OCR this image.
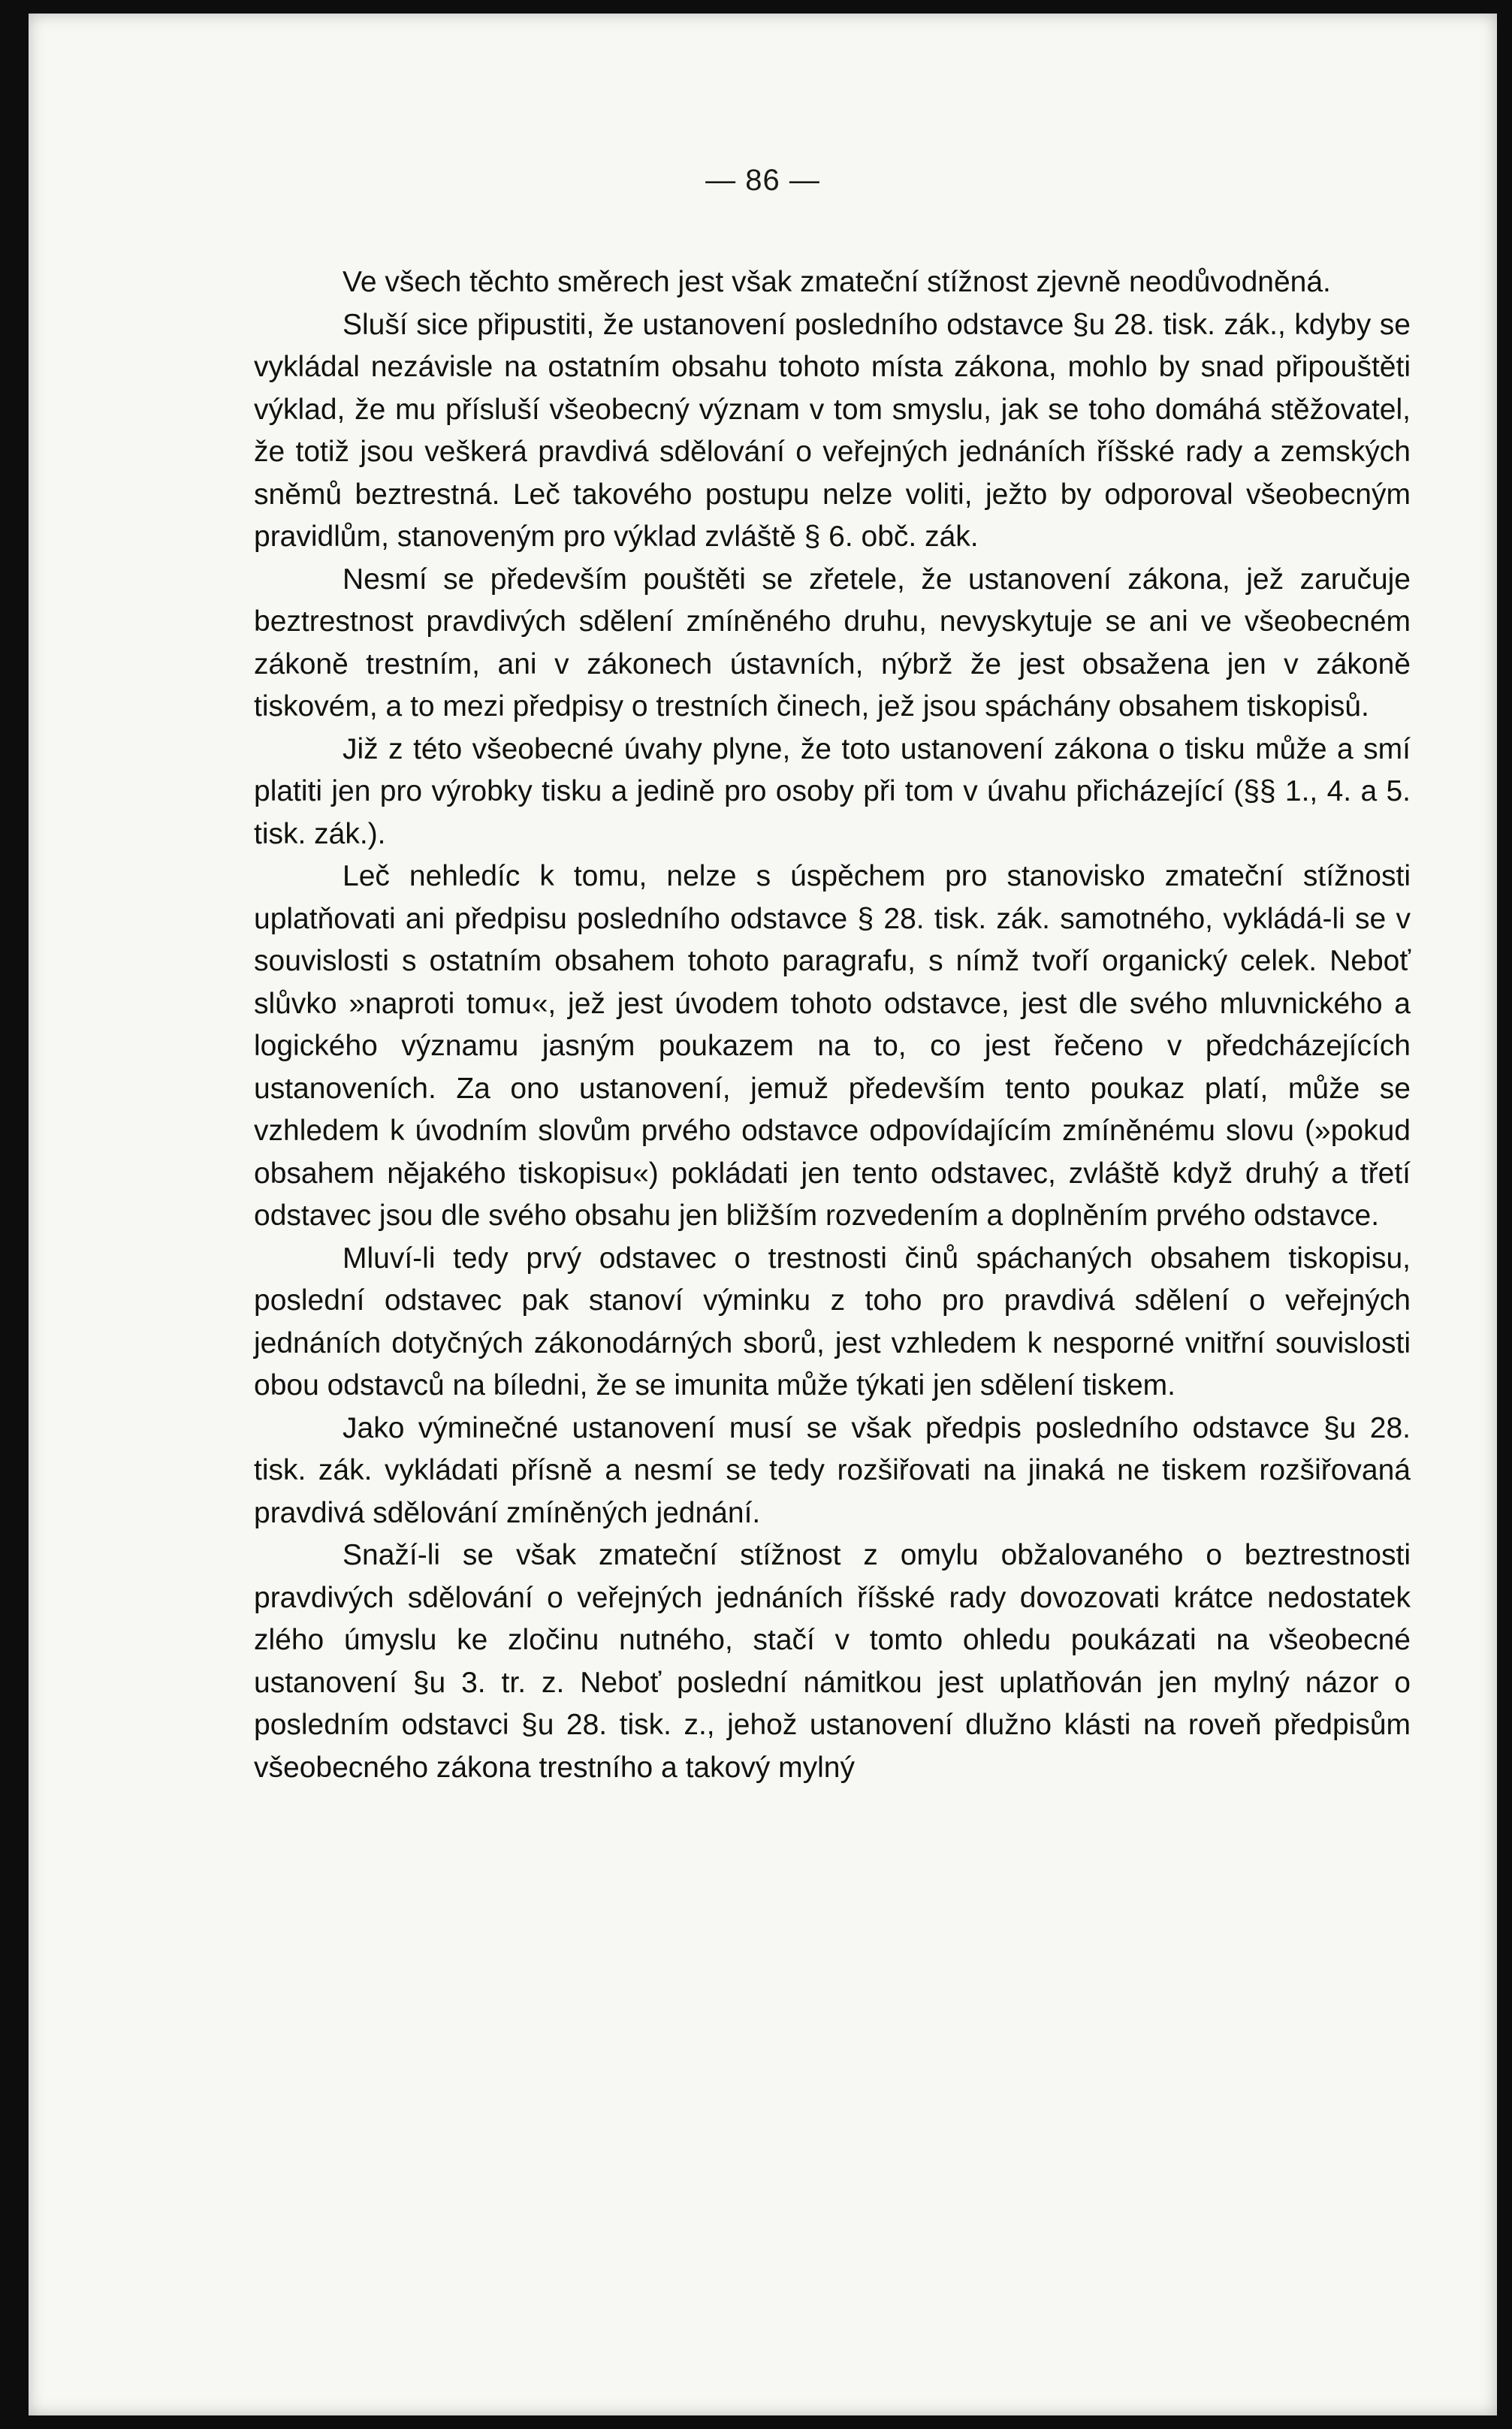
— 86 —

Ve všech těchto směrech jest však zmateční stížnost zjevně neodůvodněná.

Sluší sice připustiti, že ustanovení posledního odstavce §u 28. tisk. zák., kdyby se vykládal nezávisle na ostatním obsahu tohoto místa zákona, mohlo by snad připouštěti výklad, že mu přísluší všeobecný význam v tom smyslu, jak se toho domáhá stěžovatel, že totiž jsou veškerá pravdivá sdělování o veřejných jednáních říšské rady a zemských sněmů beztrestná. Leč takového postupu nelze voliti, ježto by odporoval všeobecným pravidlům, stanoveným pro výklad zvláště § 6. obč. zák.

Nesmí se především pouštěti se zřetele, že ustanovení zákona, jež zaručuje beztrestnost pravdivých sdělení zmíněného druhu, nevyskytuje se ani ve všeobecném zákoně trestním, ani v zákonech ústavních, nýbrž že jest obsažena jen v zákoně tiskovém, a to mezi předpisy o trestních činech, jež jsou spáchány obsahem tiskopisů.

Již z této všeobecné úvahy plyne, že toto ustanovení zákona o tisku může a smí platiti jen pro výrobky tisku a jedině pro osoby při tom v úvahu přicházející (§§ 1., 4. a 5. tisk. zák.).

Leč nehledíc k tomu, nelze s úspěchem pro stanovisko zmateční stížnosti uplatňovati ani předpisu posledního odstavce § 28. tisk. zák. samotného, vykládá-li se v souvislosti s ostatním obsahem tohoto paragrafu, s nímž tvoří organický celek. Neboť slůvko »naproti tomu«, jež jest úvodem tohoto odstavce, jest dle svého mluvnického a logického významu jasným poukazem na to, co jest řečeno v předcházejících ustanoveních. Za ono ustanovení, jemuž především tento poukaz platí, může se vzhledem k úvodním slovům prvého odstavce odpovídajícím zmíněnému slovu (»pokud obsahem nějakého tiskopisu«) pokládati jen tento odstavec, zvláště když druhý a třetí odstavec jsou dle svého obsahu jen bližším rozvedením a doplněním prvého odstavce.

Mluví-li tedy prvý odstavec o trestnosti činů spáchaných obsahem tiskopisu, poslední odstavec pak stanoví výminku z toho pro pravdivá sdělení o veřejných jednáních dotyčných zákonodárných sborů, jest vzhledem k nesporné vnitřní souvislosti obou odstavců na bíledni, že se imunita může týkati jen sdělení tiskem.

Jako výminečné ustanovení musí se však předpis posledního odstavce §u 28. tisk. zák. vykládati přísně a nesmí se tedy rozšiřovati na jinaká ne tiskem rozšiřovaná pravdivá sdělování zmíněných jednání.

Snaží-li se však zmateční stížnost z omylu obžalovaného o beztrestnosti pravdivých sdělování o veřejných jednáních říšské rady dovozovati krátce nedostatek zlého úmyslu ke zločinu nutného, stačí v tomto ohledu poukázati na všeobecné ustanovení §u 3. tr. z. Neboť poslední námitkou jest uplatňován jen mylný názor o posledním odstavci §u 28. tisk. z., jehož ustanovení dlužno klásti na roveň předpisům všeobecného zákona trestního a takový mylný
